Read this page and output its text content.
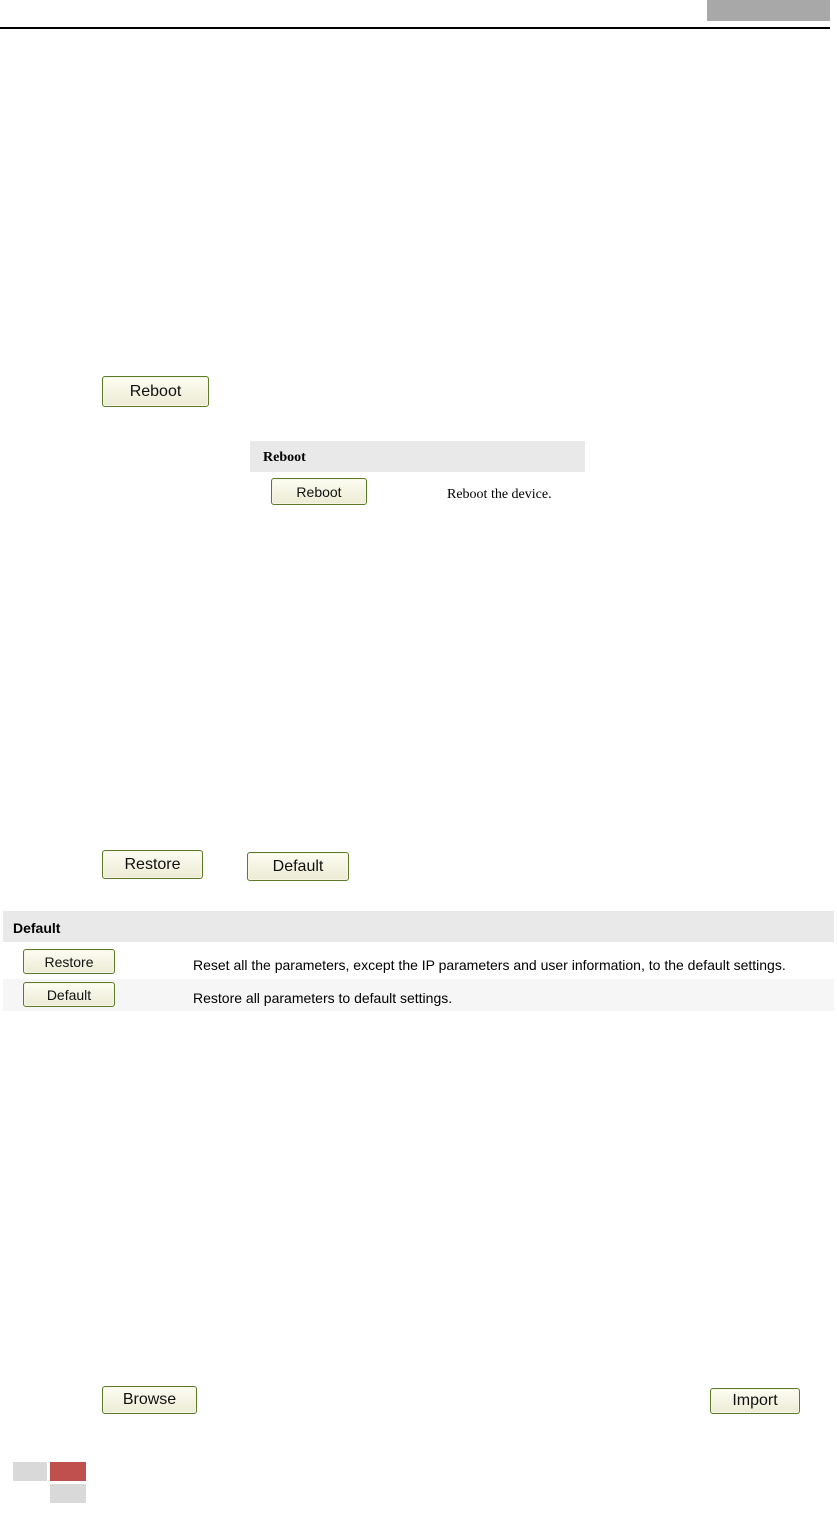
Reboot
Reboot
Reboot	Reboot the device.
Restore	Default
Default
Restore	Reset all the parameters, except the IP parameters and user information, to the default settings.
Default	Restore all parameters to default settings.
Browse	Import
